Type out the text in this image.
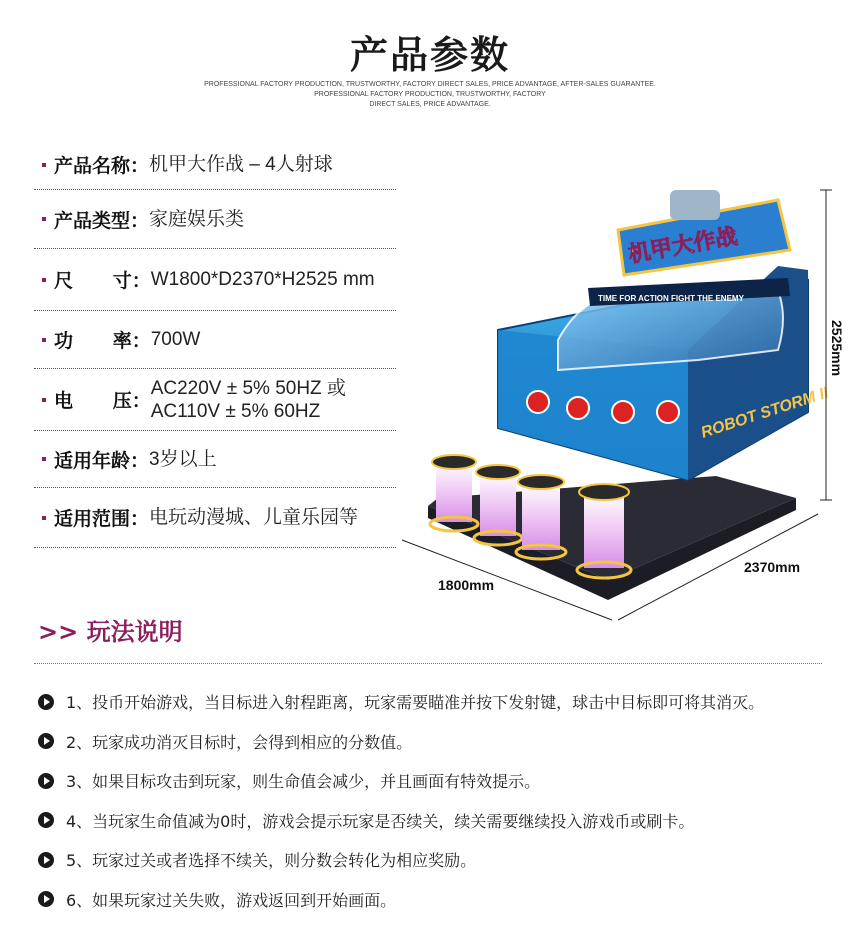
产品参数
PROFESSIONAL FACTORY PRODUCTION, TRUSTWORTHY, FACTORY DIRECT SALES, PRICE ADVANTAGE, AFTER-SALES GUARANTEE.
PROFESSIONAL FACTORY PRODUCTION, TRUSTWORTHY, FACTORY
DIRECT SALES, PRICE ADVANTAGE.
产品名称： 机甲大作战 – 4人射球
产品类型： 家庭娱乐类
尺      寸： W1800*D2370*H2525 mm
功      率： 700W
电      压：
AC220V ± 5% 50HZ 或
AC110V ± 5% 60HZ
适用年龄： 3岁以上
适用范围： 电玩动漫城、儿童乐园等
ROBOT STORM II
TIME FOR ACTION FIGHT THE ENEMY
机甲大作战
1800mm
2370mm
2525mm
>> 玩法说明
1、投币开始游戏，当目标进入射程距离，玩家需要瞄准并按下发射键，球击中目标即可将其消灭。
2、玩家成功消灭目标时，会得到相应的分数值。
3、如果目标攻击到玩家，则生命值会减少，并且画面有特效提示。
4、当玩家生命值减为0时，游戏会提示玩家是否续关，续关需要继续投入游戏币或刷卡。
5、玩家过关或者选择不续关，则分数会转化为相应奖励。
6、如果玩家过关失败，游戏返回到开始画面。
